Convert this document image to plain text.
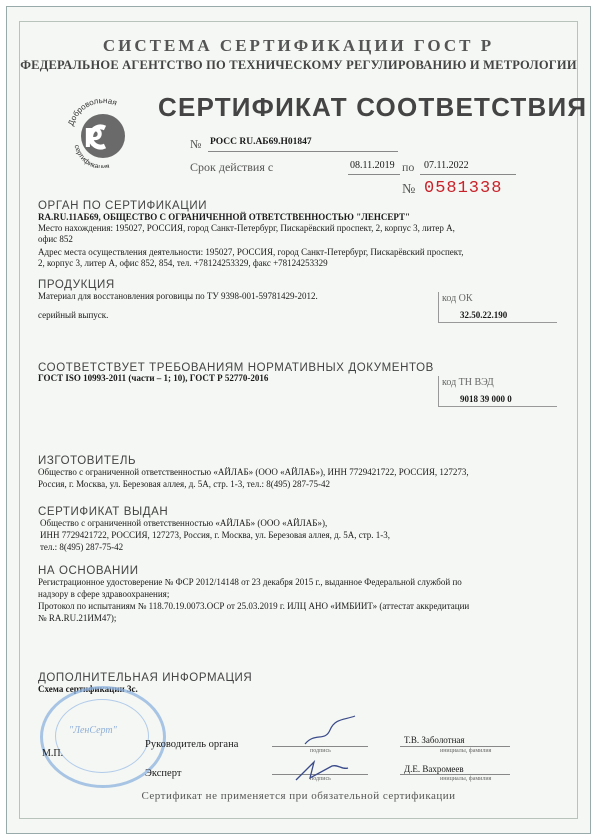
СИСТЕМА СЕРТИФИКАЦИИ ГОСТ Р
ФЕДЕРАЛЬНОЕ АГЕНТСТВО ПО ТЕХНИЧЕСКОМУ РЕГУЛИРОВАНИЮ И МЕТРОЛОГИИ
P
Добровольная
сертификация
СЕРТИФИКАТ СООТВЕТСТВИЯ
№ РОСС RU.АБ69.Н01847
Срок действия с	08.11.2019 по 07.11.2022
№ 0581338
ОРГАН ПО СЕРТИФИКАЦИИ
RA.RU.11АБ69, ОБЩЕСТВО С ОГРАНИЧЕННОЙ ОТВЕТСТВЕННОСТЬЮ "ЛЕНСЕРТ"
Место нахождения: 195027, РОССИЯ, город Санкт-Петербург, Пискарёвский проспект, 2, корпус 3, литер А,
офис 852
Адрес места осуществления деятельности: 195027, РОССИЯ, город Санкт-Петербург, Пискарёвский проспект,
2, корпус 3, литер А, офис 852, 854, тел. +78124253329, факс +78124253329
ПРОДУКЦИЯ
Материал для восстановления роговицы по ТУ 9398-001-59781429-2012.
серийный выпуск.
код ОК
32.50.22.190
СООТВЕТСТВУЕТ ТРЕБОВАНИЯМ НОРМАТИВНЫХ ДОКУМЕНТОВ
ГОСТ ISO 10993-2011 (части – 1; 10), ГОСТ Р 52770-2016	код ТН ВЭД
9018 39 000 0
ИЗГОТОВИТЕЛЬ
Общество с ограниченной ответственностью «АЙЛАБ» (ООО «АЙЛАБ»), ИНН 7729421722, РОССИЯ, 127273,
Россия, г. Москва, ул. Березовая аллея, д. 5А, стр. 1-3, тел.: 8(495) 287-75-42
СЕРТИФИКАТ ВЫДАН
Общество с ограниченной ответственностью «АЙЛАБ» (ООО «АЙЛАБ»),
ИНН 7729421722, РОССИЯ, 127273, Россия, г. Москва, ул. Березовая аллея, д. 5А, стр. 1-3,
тел.: 8(495) 287-75-42
НА ОСНОВАНИИ
Регистрационное удостоверение № ФСР 2012/14148 от 23 декабря 2015 г., выданное Федеральной службой по
надзору в сфере здравоохранения;
Протокол по испытаниям № 118.70.19.0073.ОСР от 25.03.2019 г. ИЛЦ АНО «ИМБИИТ» (аттестат аккредитации
№ RA.RU.21ИМ47);
ДОПОЛНИТЕЛЬНАЯ ИНФОРМАЦИЯ
Схема сертификации 3с.
"ЛенСерт"
М.П.
Руководитель органа
подпись
Т.В. Заболотная
инициалы, фамилия
Эксперт	подпись
Д.Е. Вахромеев
инициалы, фамилия
Сертификат не применяется при обязательной сертификации
